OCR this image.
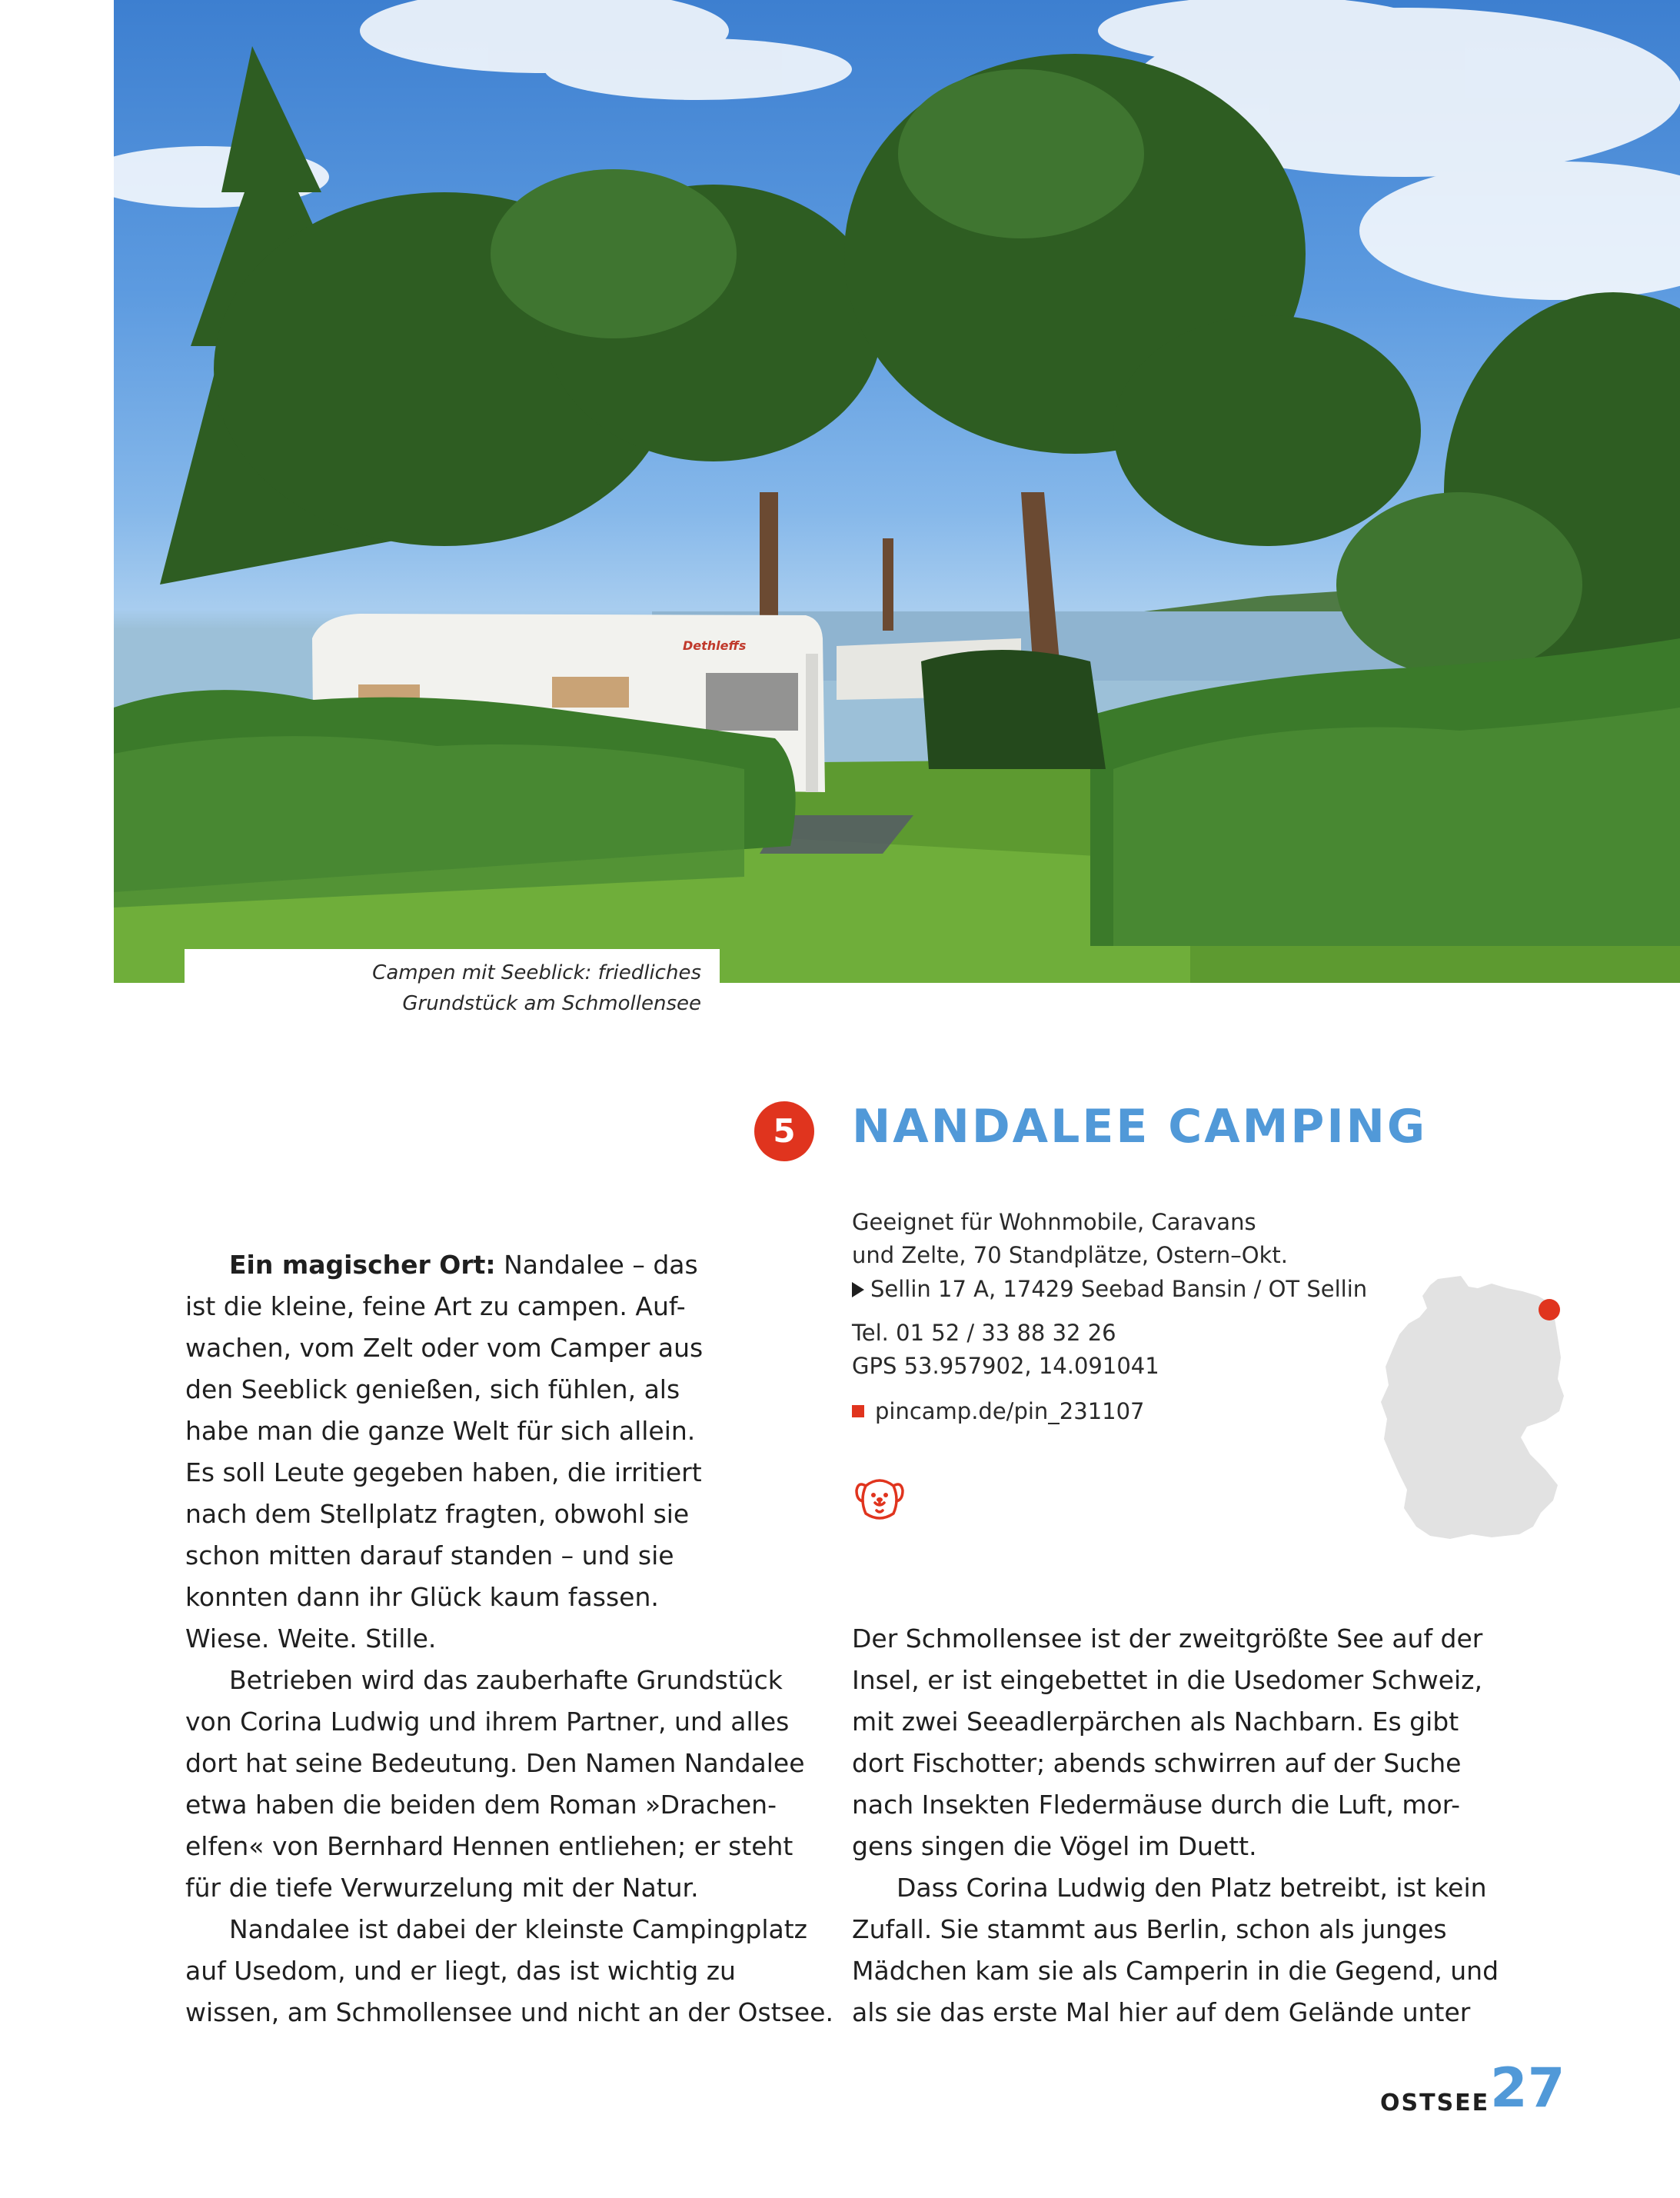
Dethleffs
Campen mit Seeblick: friedliches
Grundstück am Schmollensee
5	NANDALEE CAMPING
Geeignet für Wohnmobile, Caravans
und Zelte, 70 Standplätze, Ostern–Okt.
Sellin 17 A, 17429 Seebad Bansin / OT Sellin
Tel. 01 52 / 33 88 32 26
GPS 53.957902, 14.091041
pincamp.de/pin_231107
Ein magischer Ort: Nandalee – das
ist die kleine, feine Art zu campen. Auf-
wachen, vom Zelt oder vom Camper aus
den Seeblick genießen, sich fühlen, als
habe man die ganze Welt für sich allein.
Es soll Leute gegeben haben, die irritiert
nach dem Stellplatz fragten, obwohl sie
schon mitten darauf standen – und sie
konnten dann ihr Glück kaum fassen.
Wiese. Weite. Stille.
Betrieben wird das zauberhafte Grundstück
von Corina Ludwig und ihrem Partner, und alles
dort hat seine Bedeutung. Den Namen Nandalee
etwa haben die beiden dem Roman »Drachen-
elfen« von Bernhard Hennen entliehen; er steht
für die tiefe Verwurzelung mit der Natur.
Nandalee ist dabei der kleinste Campingplatz
auf Usedom, und er liegt, das ist wichtig zu
wissen, am Schmollensee und nicht an der Ostsee.
Der Schmollensee ist der zweitgrößte See auf der
Insel, er ist eingebettet in die Usedomer Schweiz,
mit zwei Seeadlerpärchen als Nachbarn. Es gibt
dort Fischotter; abends schwirren auf der Suche
nach Insekten Fledermäuse durch die Luft, mor-
gens singen die Vögel im Duett.
Dass Corina Ludwig den Platz betreibt, ist kein
Zufall. Sie stammt aus Berlin, schon als junges
Mädchen kam sie als Camperin in die Gegend, und
als sie das erste Mal hier auf dem Gelände unter
OSTSEE 27
